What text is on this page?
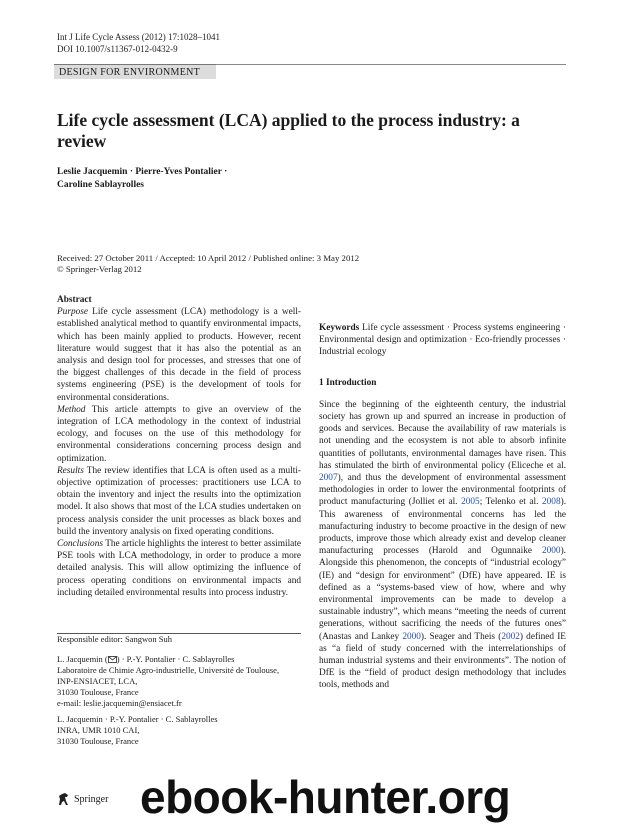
Int J Life Cycle Assess (2012) 17:1028–1041
DOI 10.1007/s11367-012-0432-9
DESIGN FOR ENVIRONMENT
Life cycle assessment (LCA) applied to the process industry: a review
Leslie Jacquemin · Pierre-Yves Pontalier ·
Caroline Sablayrolles
Received: 27 October 2011 / Accepted: 10 April 2012 / Published online: 3 May 2012
© Springer-Verlag 2012

Abstract

Purpose Life cycle assessment (LCA) methodology is a well-established analytical method to quantify environmental impacts, which has been mainly applied to products. However, recent literature would suggest that it has also the potential as an analysis and design tool for processes, and stresses that one of the biggest challenges of this decade in the field of process systems engineering (PSE) is the development of tools for environmental considerations.

Method This article attempts to give an overview of the integration of LCA methodology in the context of industrial ecology, and focuses on the use of this methodology for environmental considerations concerning process design and optimization.

Results The review identifies that LCA is often used as a multi-objective optimization of processes: practitioners use LCA to obtain the inventory and inject the results into the optimization model. It also shows that most of the LCA studies undertaken on process analysis consider the unit processes as black boxes and build the inventory analysis on fixed operating conditions.

Conclusions The article highlights the interest to better assimilate PSE tools with LCA methodology, in order to produce a more detailed analysis. This will allow optimizing the influence of process operating conditions on environmental impacts and including detailed environmental results into process industry.

Keywords Life cycle assessment · Process systems engineering · Environmental design and optimization · Eco-friendly processes · Industrial ecology

1 Introduction

Since the beginning of the eighteenth century, the industrial society has grown up and spurred an increase in production of goods and services. Because the availability of raw materials is not unending and the ecosystem is not able to absorb infinite quantities of pollutants, environmental damages have risen. This has stimulated the birth of environmental policy (Eliceche et al. 2007), and thus the development of environmental assessment methodologies in order to lower the environmental footprints of product manufacturing (Jolliet et al. 2005; Telenko et al. 2008). This awareness of environmental concerns has led the manufacturing industry to become proactive in the design of new products, improve those which already exist and develop cleaner manufacturing processes (Harold and Ogunnaike 2000). Alongside this phenomenon, the concepts of “industrial ecology” (IE) and “design for environment” (DfE) have appeared. IE is defined as a “systems-based view of how, where and why environmental improvements can be made to develop a sustainable industry”, which means “meeting the needs of current generations, without sacrificing the needs of the futures ones” (Anastas and Lankey 2000). Seager and Theis (2002) defined IE as “a field of study concerned with the interrelationships of human industrial systems and their environments”. The notion of DfE is the “field of product design methodology that includes tools, methods and

Responsible editor: Sangwon Suh
L. Jacquemin ( ) · P.-Y. Pontalier · C. Sablayrolles
Laboratoire de Chimie Agro-industrielle, Université de Toulouse,
INP-ENSIACET, LCA,
31030 Toulouse, France
e-mail: leslie.jacquemin@ensiacet.fr
L. Jacquemin · P.-Y. Pontalier · C. Sablayrolles
INRA, UMR 1010 CAI,
31030 Toulouse, France
Springer ebook-hunter.org
